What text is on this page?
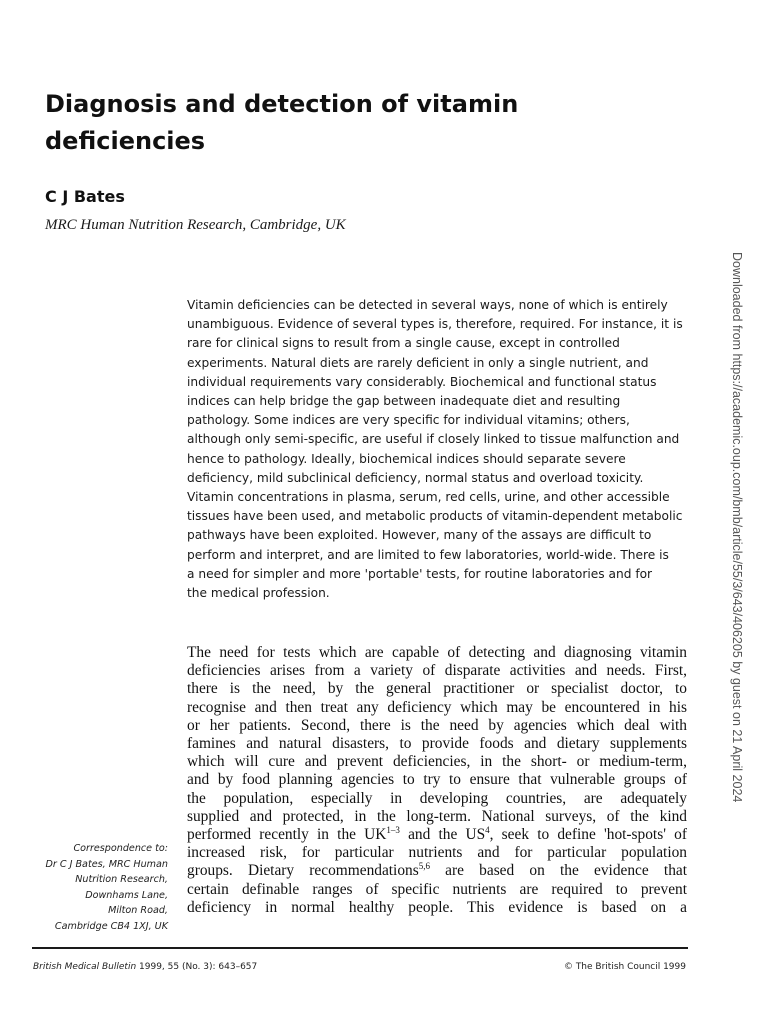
Diagnosis and detection of vitamin
deficiencies

C J Bates

MRC Human Nutrition Research, Cambridge, UK

Vitamin deficiencies can be detected in several ways, none of which is entirely
unambiguous. Evidence of several types is, therefore, required. For instance, it is
rare for clinical signs to result from a single cause, except in controlled
experiments. Natural diets are rarely deficient in only a single nutrient, and
individual requirements vary considerably. Biochemical and functional status
indices can help bridge the gap between inadequate diet and resulting
pathology. Some indices are very specific for individual vitamins; others,
although only semi-specific, are useful if closely linked to tissue malfunction and
hence to pathology. Ideally, biochemical indices should separate severe
deficiency, mild subclinical deficiency, normal status and overload toxicity.
Vitamin concentrations in plasma, serum, red cells, urine, and other accessible
tissues have been used, and metabolic products of vitamin-dependent metabolic
pathways have been exploited. However, many of the assays are difficult to
perform and interpret, and are limited to few laboratories, world-wide. There is
a need for simpler and more 'portable' tests, for routine laboratories and for
the medical profession.
The need for tests which are capable of detecting and diagnosing vitamin
deficiencies arises from a variety of disparate activities and needs. First,
there is the need, by the general practitioner or specialist doctor, to
recognise and then treat any deficiency which may be encountered in his
or her patients. Second, there is the need by agencies which deal with
famines and natural disasters, to provide foods and dietary supplements
which will cure and prevent deficiencies, in the short- or medium-term,
and by food planning agencies to try to ensure that vulnerable groups of
the population, especially in developing countries, are adequately
supplied and protected, in the long-term. National surveys, of the kind
performed recently in the UK$^{1-3}$ and the $US^4$, seek to define 'hot-spots' of
increased risk, for particular nutrients and for particular population
groups. Dietary recommendations$^{5,6}$ are based on the evidence that
certain definable ranges of specific nutrients are required to prevent
deficiency in normal healthy people. This evidence is based on a
Correspondence to:
Dr C J Bates, MRC Human
Nutrition Research,
Downhams Lane,
Milton Road,
Cambridge CB4 1XJ, UK
British Medical Bulletin 1999, 55 (No. 3): 643–657	© The British Council 1999
Downloaded from https://academic.oup.com/bmb/article/55/3/643/406205 by guest on 21 April 2024
